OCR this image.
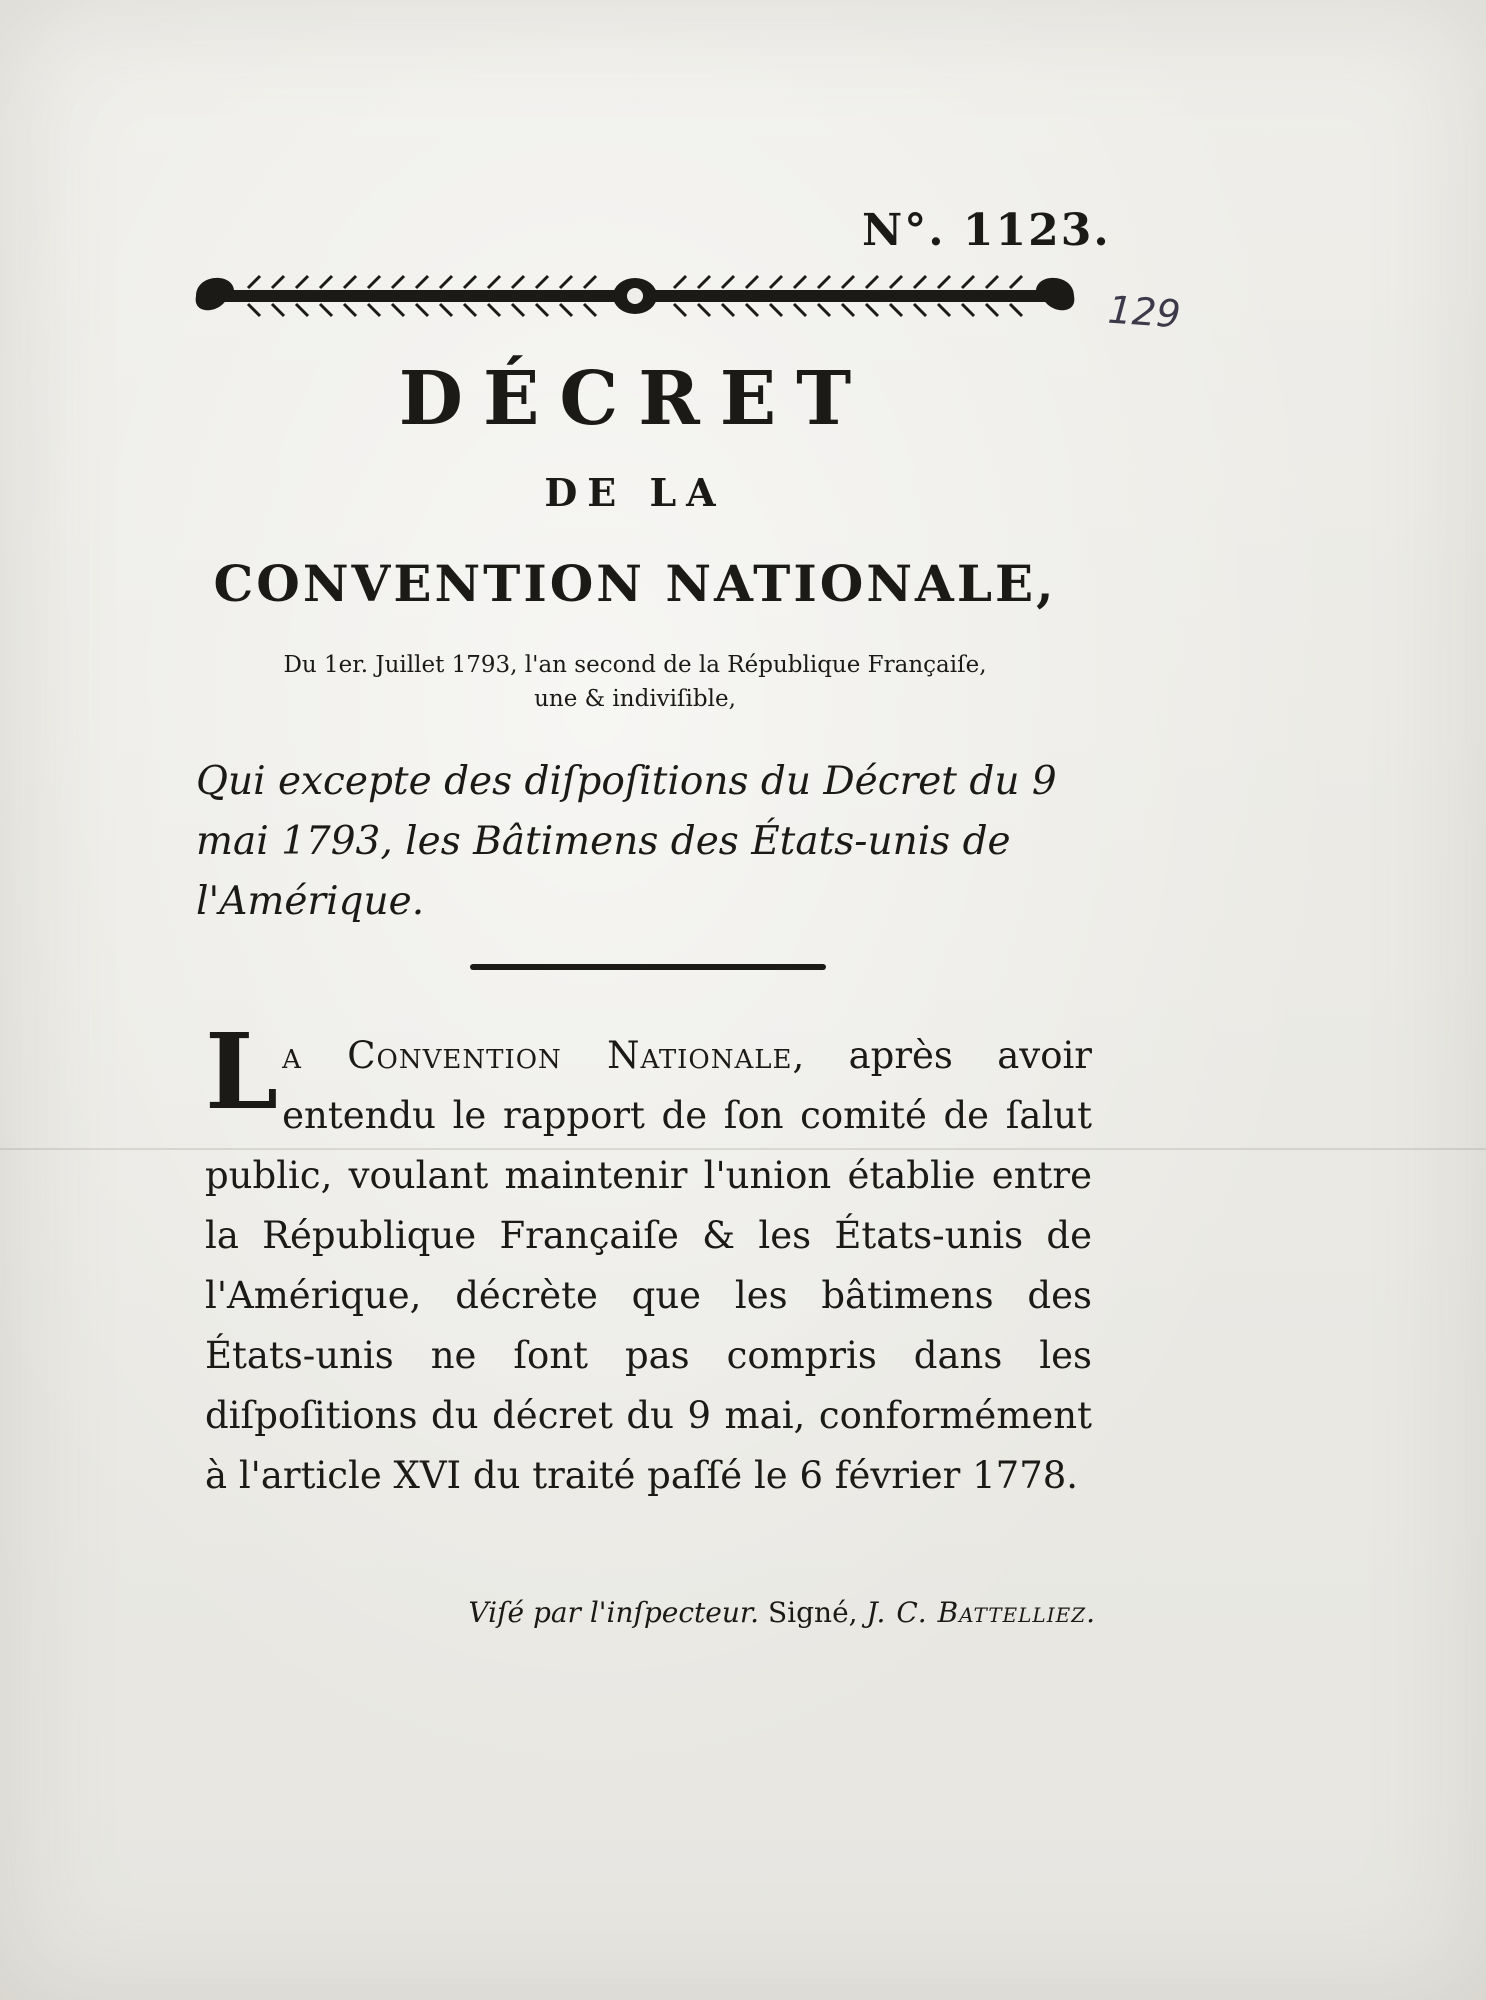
N°. 1123.
129
DÉCRET
DE LA
CONVENTION NATIONALE,
Du 1er. Juillet 1793, l'an second de la République Françaiſe,
une & indiviſible,
Qui excepte des diſpoſitions du Décret du 9 mai 1793, les Bâtimens des États-unis de l'Amérique.
La Convention Nationale, après avoir entendu le rapport de ſon comité de ſalut public, voulant maintenir l'union établie entre la République Françaiſe & les États-unis de l'Amérique, décrète que les bâtimens des États-unis ne ſont pas compris dans les diſpoſitions du décret du 9 mai, conformément à l'article XVI du traité paſſé le 6 février 1778.
Viſé par l'inſpecteur. Signé, J. C. Battelliez.
